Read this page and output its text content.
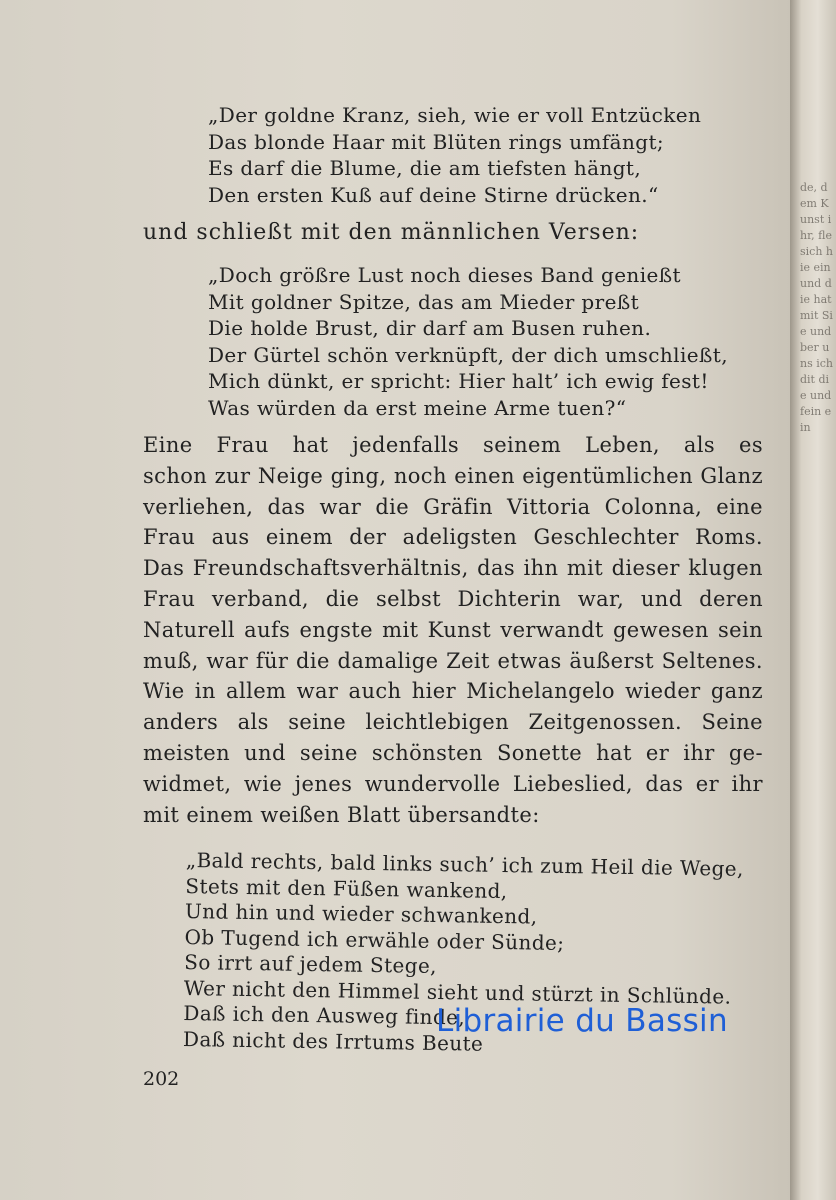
„Der goldne Kranz, sieh, wie er voll Entzücken
Das blonde Haar mit Blüten rings umfängt;
Es darf die Blume, die am tiefsten hängt,
Den ersten Kuß auf deine Stirne drücken.“
und schließt mit den männlichen Versen:
„Doch größre Lust noch dieses Band genießt
Mit goldner Spitze, das am Mieder preßt
Die holde Brust, dir darf am Busen ruhen.
Der Gürtel schön verknüpft, der dich umschließt,
Mich dünkt, er spricht: Hier halt’ ich ewig fest!
Was würden da erst meine Arme tuen?“
Eine Frau hat jedenfalls seinem Leben, als es
schon zur Neige ging, noch einen eigentümlichen Glanz
verliehen, das war die Gräfin Vittoria Colonna, eine
Frau aus einem der adeligsten Geschlechter Roms.
Das Freundschaftsverhältnis, das ihn mit dieser klugen
Frau verband, die selbst Dichterin war, und deren
Naturell aufs engste mit Kunst verwandt gewesen sein
muß, war für die damalige Zeit etwas äußerst Seltenes.
Wie in allem war auch hier Michelangelo wieder ganz
anders als seine leichtlebigen Zeitgenossen. Seine
meisten und seine schönsten Sonette hat er ihr ge-
widmet, wie jenes wundervolle Liebeslied, das er ihr
mit einem weißen Blatt übersandte:
„Bald rechts, bald links such’ ich zum Heil die Wege,
Stets mit den Füßen wankend,
Und hin und wieder schwankend,
Ob Tugend ich erwähle oder Sünde;
So irrt auf jedem Stege,
Wer nicht den Himmel sieht und stürzt in Schlünde.
Daß ich den Ausweg finde,
Daß nicht des Irrtums Beute
202
de, dem Kunst ihr, fle sich hie ein und die hat mit Sie und ber uns ich dit die und fein ein
Librairie du Bassin
